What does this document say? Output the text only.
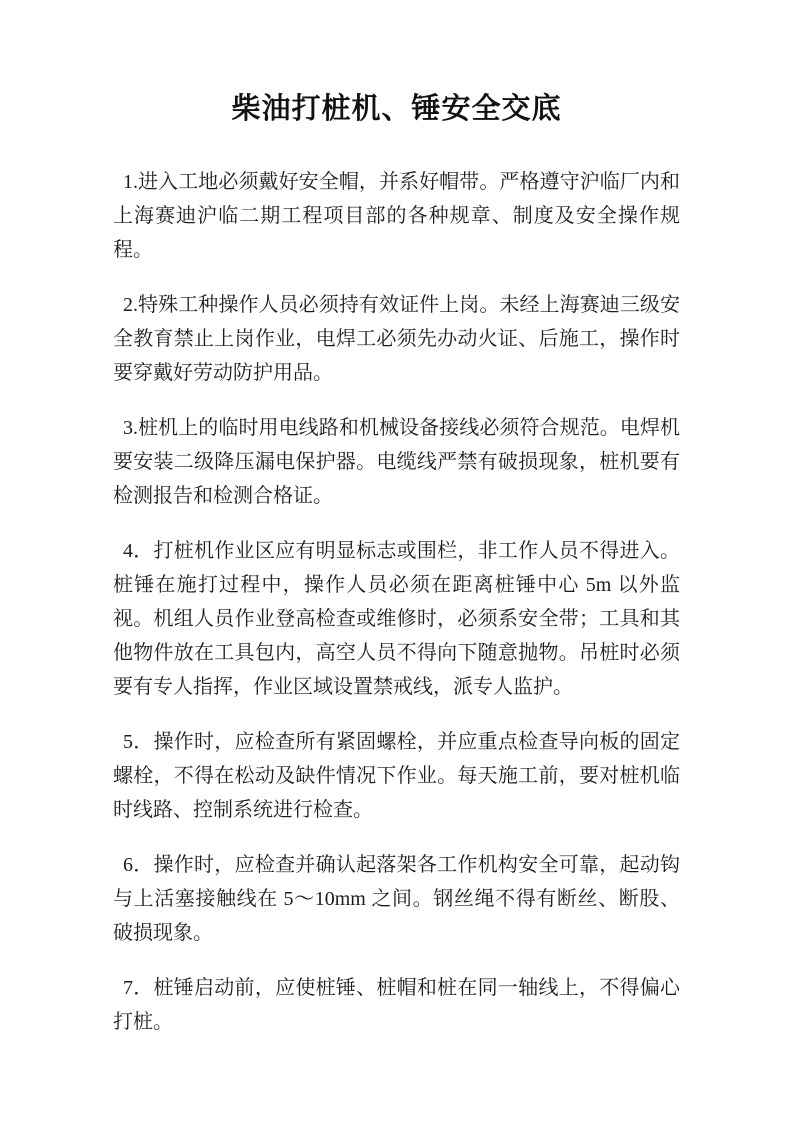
柴油打桩机、锤安全交底

1.进入工地必须戴好安全帽，并系好帽带。严格遵守沪临厂内和上海赛迪沪临二期工程项目部的各种规章、制度及安全操作规程。

2.特殊工种操作人员必须持有效证件上岗。未经上海赛迪三级安全教育禁止上岗作业，电焊工必须先办动火证、后施工，操作时要穿戴好劳动防护用品。

3.桩机上的临时用电线路和机械设备接线必须符合规范。电焊机要安装二级降压漏电保护器。电缆线严禁有破损现象，桩机要有检测报告和检测合格证。

4．打桩机作业区应有明显标志或围栏，非工作人员不得进入。桩锤在施打过程中，操作人员必须在距离桩锤中心 5m 以外监视。机组人员作业登高检查或维修时，必须系安全带；工具和其他物件放在工具包内，高空人员不得向下随意抛物。吊桩时必须要有专人指挥，作业区域设置禁戒线，派专人监护。

5．操作时，应检查所有紧固螺栓，并应重点检查导向板的固定螺栓，不得在松动及缺件情况下作业。每天施工前，要对桩机临时线路、控制系统进行检查。

6．操作时，应检查并确认起落架各工作机构安全可靠，起动钩与上活塞接触线在 5～10mm 之间。钢丝绳不得有断丝、断股、破损现象。

7．桩锤启动前，应使桩锤、桩帽和桩在同一轴线上，不得偏心打桩。
